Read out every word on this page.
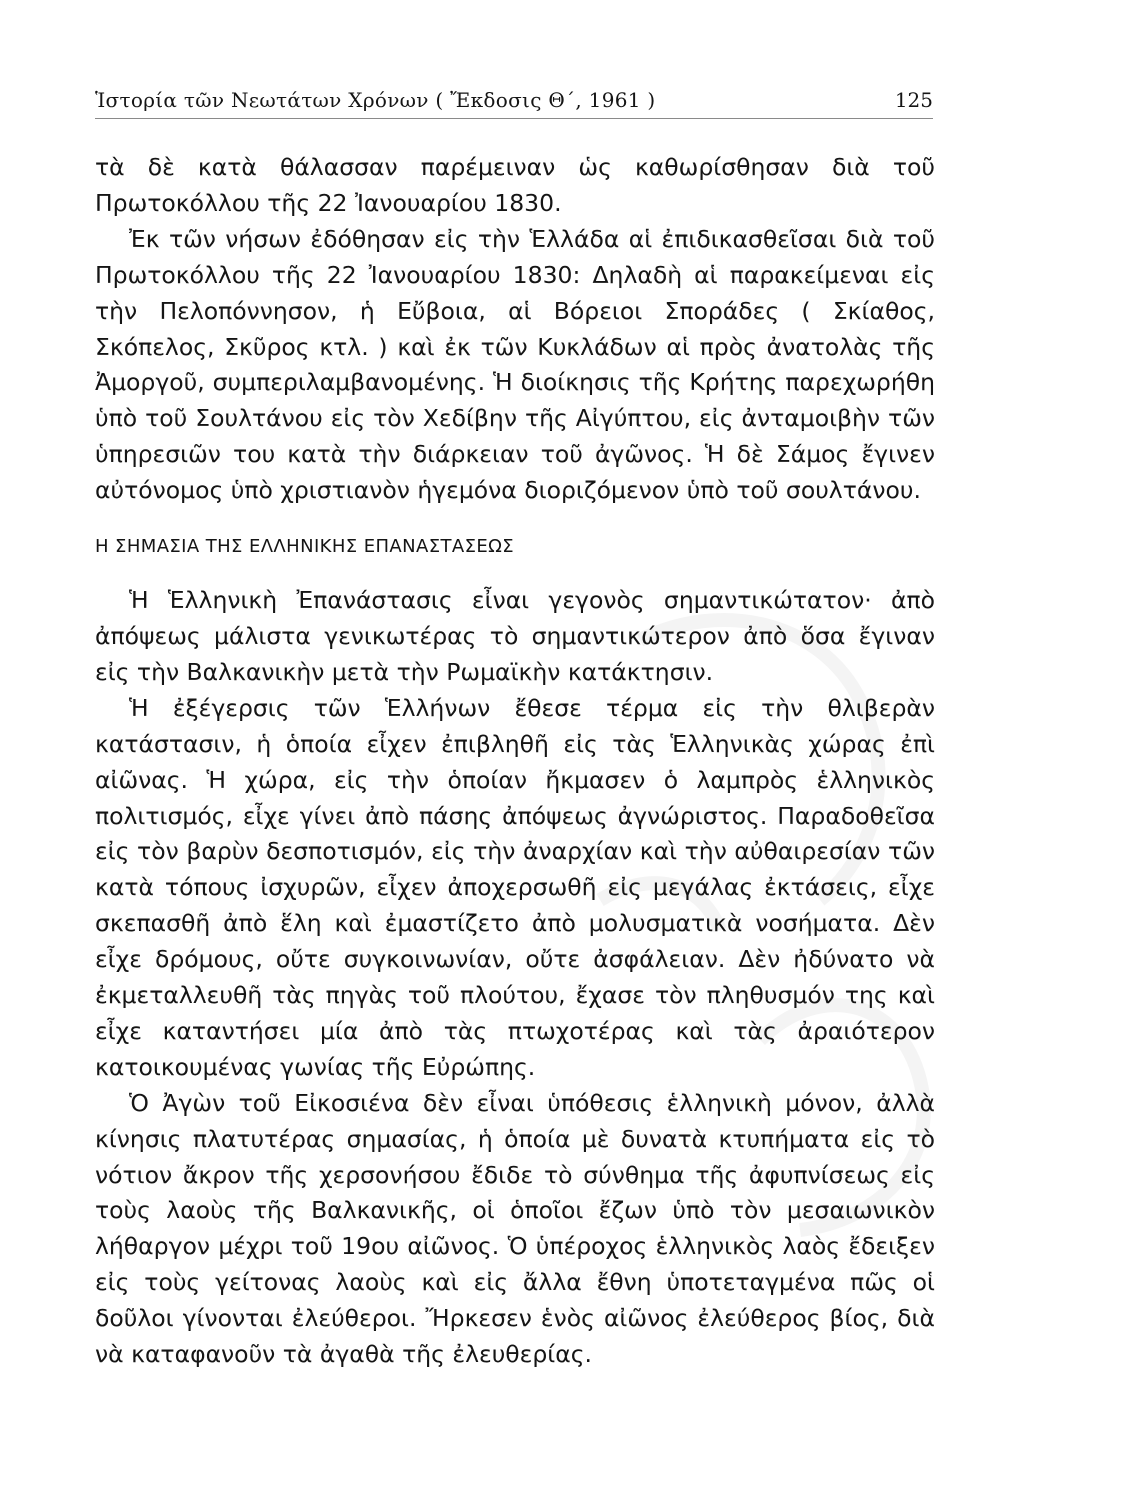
Ἱστορία τῶν Νεωτάτων Χρόνων ( Ἔκδοσις Θ΄, 1961 )	125

τὰ δὲ κατὰ θάλασσαν παρέμειναν ὡς καθωρίσθησαν διὰ τοῦ Πρωτοκόλλου τῆς 22 Ἰανουαρίου 1830.

Ἐκ τῶν νήσων ἐδόθησαν εἰς τὴν Ἑλλάδα αἱ ἐπιδικασθεῖσαι διὰ τοῦ Πρωτοκόλλου τῆς 22 Ἰανουαρίου 1830: Δηλαδὴ αἱ παρακείμεναι εἰς τὴν Πελοπόννησον, ἡ Εὔβοια, αἱ Βόρειοι Σποράδες ( Σκίαθος, Σκόπελος, Σκῦρος κτλ. ) καὶ ἐκ τῶν Κυκλάδων αἱ πρὸς ἀνατολὰς τῆς Ἀμοργοῦ, συμπεριλαμβανομένης. Ἡ διοίκησις τῆς Κρήτης παρεχωρήθη ὑπὸ τοῦ Σουλτάνου εἰς τὸν Χεδίβην τῆς Αἰγύπτου, εἰς ἀνταμοιβὴν τῶν ὑπηρεσιῶν του κατὰ τὴν διάρκειαν τοῦ ἀγῶνος. Ἡ δὲ Σάμος ἔγινεν αὐτόνομος ὑπὸ χριστιανὸν ἡγεμόνα διοριζόμενον ὑπὸ τοῦ σουλτάνου.

Η ΣΗΜΑΣΙΑ ΤΗΣ ΕΛΛΗΝΙΚΗΣ ΕΠΑΝΑΣΤΑΣΕΩΣ

Ἡ Ἑλληνικὴ Ἐπανάστασις εἶναι γεγονὸς σημαντικώτατον· ἀπὸ ἀπόψεως μάλιστα γενικωτέρας τὸ σημαντικώτερον ἀπὸ ὅσα ἔγιναν εἰς τὴν Βαλκανικὴν μετὰ τὴν Ρωμαϊκὴν κατάκτησιν.

Ἡ ἐξέγερσις τῶν Ἑλλήνων ἔθεσε τέρμα εἰς τὴν θλιβερὰν κατάστασιν, ἡ ὁποία εἶχεν ἐπιβληθῆ εἰς τὰς Ἑλληνικὰς χώρας ἐπὶ αἰῶνας. Ἡ χώρα, εἰς τὴν ὁποίαν ἤκμασεν ὁ λαμπρὸς ἑλληνικὸς πολιτισμός, εἶχε γίνει ἀπὸ πάσης ἀπόψεως ἀγνώριστος. Παραδοθεῖσα εἰς τὸν βαρὺν δεσποτισμόν, εἰς τὴν ἀναρχίαν καὶ τὴν αὐθαιρεσίαν τῶν κατὰ τόπους ἰσχυρῶν, εἶχεν ἀποχερσωθῆ εἰς μεγάλας ἐκτάσεις, εἶχε σκεπασθῆ ἀπὸ ἕλη καὶ ἐμαστίζετο ἀπὸ μολυσματικὰ νοσήματα. Δὲν εἶχε δρόμους, οὔτε συγκοινωνίαν, οὔτε ἀσφάλειαν. Δὲν ἠδύνατο νὰ ἐκμεταλλευθῆ τὰς πηγὰς τοῦ πλούτου, ἔχασε τὸν πληθυσμόν της καὶ εἶχε καταντήσει μία ἀπὸ τὰς πτωχοτέρας καὶ τὰς ἀραιότερον κατοικουμένας γωνίας τῆς Εὐρώπης.

Ὁ Ἀγὼν τοῦ Εἰκοσιένα δὲν εἶναι ὑπόθεσις ἑλληνικὴ μόνον, ἀλλὰ κίνησις πλατυτέρας σημασίας, ἡ ὁποία μὲ δυνατὰ κτυπήματα εἰς τὸ νότιον ἄκρον τῆς χερσονήσου ἔδιδε τὸ σύνθημα τῆς ἀφυπνίσεως εἰς τοὺς λαοὺς τῆς Βαλκανικῆς, οἱ ὁποῖοι ἔζων ὑπὸ τὸν μεσαιωνικὸν λήθαργον μέχρι τοῦ 19ου αἰῶνος. Ὁ ὑπέροχος ἑλληνικὸς λαὸς ἔδειξεν εἰς τοὺς γείτονας λαοὺς καὶ εἰς ἄλλα ἔθνη ὑποτεταγμένα πῶς οἱ δοῦλοι γίνονται ἐλεύθεροι. Ἤρκεσεν ἑνὸς αἰῶνος ἐλεύθερος βίος, διὰ νὰ καταφανοῦν τὰ ἀγαθὰ τῆς ἐλευθερίας.
